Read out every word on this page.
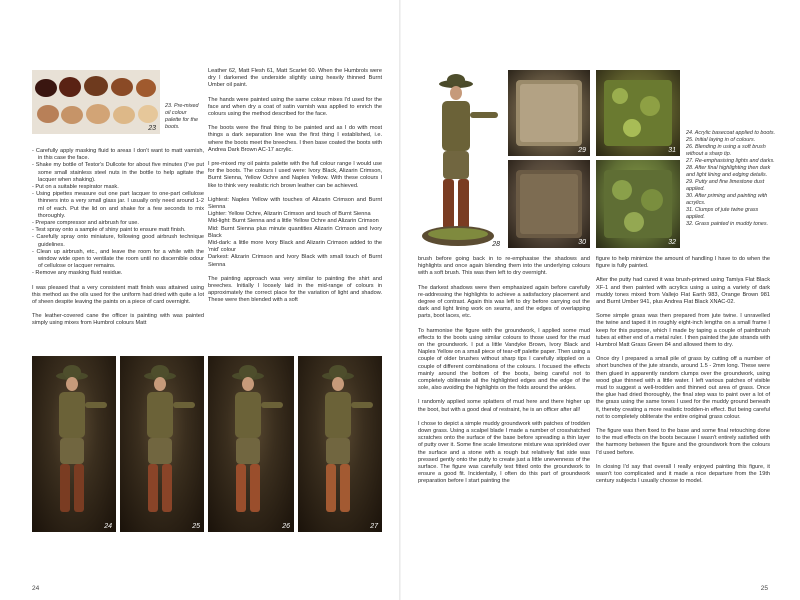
23
23. Pre-mixed
oil colour
palette for the
boots.
- Carefully apply masking fluid to areas I don't want to matt varnish, in this case the face.
- Shake my bottle of Testor's Dullcote for about five minutes (I've put some small stainless steel nuts in the bottle to help agitate the lacquer when shaking).
- Put on a suitable respirator mask.
- Using pipettes measure out one part lacquer to one-part cellulose thinners into a very small glass jar. I usually only need around 1-2 ml of each. Put the lid on and shake for a few seconds to mix thoroughly.
- Prepare compressor and airbrush for use.
- Test spray onto a sample of shiny paint to ensure matt finish.
- Carefully spray onto miniature, following good airbrush technique guidelines.
- Clean up airbrush, etc., and leave the room for a while with the window wide open to ventilate the room until no discernible odour of cellulose or lacquer remains.
- Remove any masking fluid residue.

I was pleased that a very consistent matt finish was attained using this method as the oils used for the uniform had dried with quite a lot of sheen despite leaving the paints on a piece of card overnight.

The leather-covered cane the officer is painting with was painted simply using mixes from Humbrol colours Matt

Leather 62, Matt Flesh 61, Matt Scarlet 60. When the Humbrols were dry I darkened the underside slightly using heavily thinned Burnt Umber oil paint.

The hands were painted using the same colour mixes I'd used for the face and when dry a coat of satin varnish was applied to enrich the colours using the method described for the face.

The boots were the final thing to be painted and as I do with most things a dark separation line was the first thing I established, i.e. where the boots meet the breeches. I then base coated the boots with Andrea Dark Brown AC-17 acrylic.

I pre-mixed my oil paints palette with the full colour range I would use for the boots. The colours I used were: Ivory Black, Alizarin Crimson, Burnt Sienna, Yellow Ochre and Naples Yellow. With these colours I like to think very realistic rich brown leather can be achieved.

Lightest: Naples Yellow with touches of Alizarin Crimson and Burnt Sienna
Lighter: Yellow Ochre, Alizarin Crimson and touch of Burnt Sienna
Mid-light: Burnt Sienna and a little Yellow Ochre and Alizarin Crimson
Mid: Burnt Sienna plus minute quantities Alizarin Crimson and Ivory Black
Mid-dark: a little more Ivory Black and Alizarin Crimson added to the 'mid' colour
Darkest: Alizarin Crimson and Ivory Black with small touch of Burnt Sienna

The painting approach was very similar to painting the shirt and breeches. Initially I loosely laid in the mid-range of colours in approximately the correct place for the variation of light and shadow. These were then blended with a soft

24	25	26	27
24
28
29	31
30	32
24. Acrylic basecoat applied to boots.
25. Initial laying in of colours.
26. Blending in using a soft brush without a sharp tip.
27. Re-emphasising lights and darks.
28. After final highlighting then dark and light lining and edging details.
29. Putty and fine limestone dust applied.
30. After priming and painting with acrylics.
31. Clumps of jute twine grass applied.
32. Grass painted in muddy tones.

brush before going back in to re-emphasise the shadows and highlights and once again blending them into the underlying colours with a soft brush. This was then left to dry overnight.

The darkest shadows were then emphasized again before carefully re-addressing the highlights to achieve a satisfactory placement and degree of contrast. Again this was left to dry before carrying out the dark and light lining work on seams, and the edges of overlapping parts, boot laces, etc.

To harmonise the figure with the groundwork, I applied some mud effects to the boots using similar colours to those used for the mud on the groundwork. I put a little Vandyke Brown, Ivory Black and Naples Yellow on a small piece of tear-off palette paper. Then using a couple of older brushes without sharp tips I carefully stippled on a couple of different combinations of the colours. I focused the effects mainly around the bottom of the boots, being careful not to completely obliterate all the highlighted edges and the edge of the sole, also avoiding the highlights on the folds around the ankles.

I randomly applied some splatters of mud here and there higher up the boot, but with a good deal of restraint, he is an officer after all!

I chose to depict a simple muddy groundwork with patches of trodden down grass. Using a scalpel blade I made a number of crosshatched scratches onto the surface of the base before spreading a thin layer of putty over it. Some fine scale limestone mixture was sprinkled over the surface and a stone with a rough but relatively flat side was pressed gently onto the putty to create just a little unevenness of the surface. The figure was carefully test fitted onto the groundwork to ensure a good fit. Incidentally, I often do this part of groundwork preparation before I start painting the

figure to help minimize the amount of handling I have to do when the figure is fully painted.

After the putty had cured it was brush-primed using Tamiya Flat Black XF-1 and then painted with acrylics using a using a variety of dark muddy tones mixed from Vallejo Flat Earth 983, Orange Brown 981 and Burnt Umber 941, plus Andrea Flat Black XNAC-02.

Some simple grass was then prepared from jute twine. I unravelled the twine and taped it in roughly eight-inch lengths on a small frame I keep for this purpose, which I made by taping a couple of paintbrush tubes at either end of a metal ruler. I then painted the jute strands with Humbrol Matt Grass Green 84 and allowed them to dry.

Once dry I prepared a small pile of grass by cutting off a number of short bunches of the jute strands, around 1.5 - 2mm long. These were then glued in apparently random clumps over the groundwork, using wood glue thinned with a little water. I left various patches of visible mud to suggest a well-trodden and thinned out area of grass. Once the glue had dried thoroughly, the final step was to paint over a lot of the grass using the same tones I used for the muddy ground beneath it, thereby creating a more realistic trodden-in effect. But being careful not to completely obliterate the entire original grass colour.

The figure was then fixed to the base and some final retouching done to the mud effects on the boots because I wasn't entirely satisfied with the harmony between the figure and the groundwork from the colours I'd used before.

In closing I'd say that overall I really enjoyed painting this figure, it wasn't too complicated and it made a nice departure from the 19th century subjects I usually choose to model.

25
